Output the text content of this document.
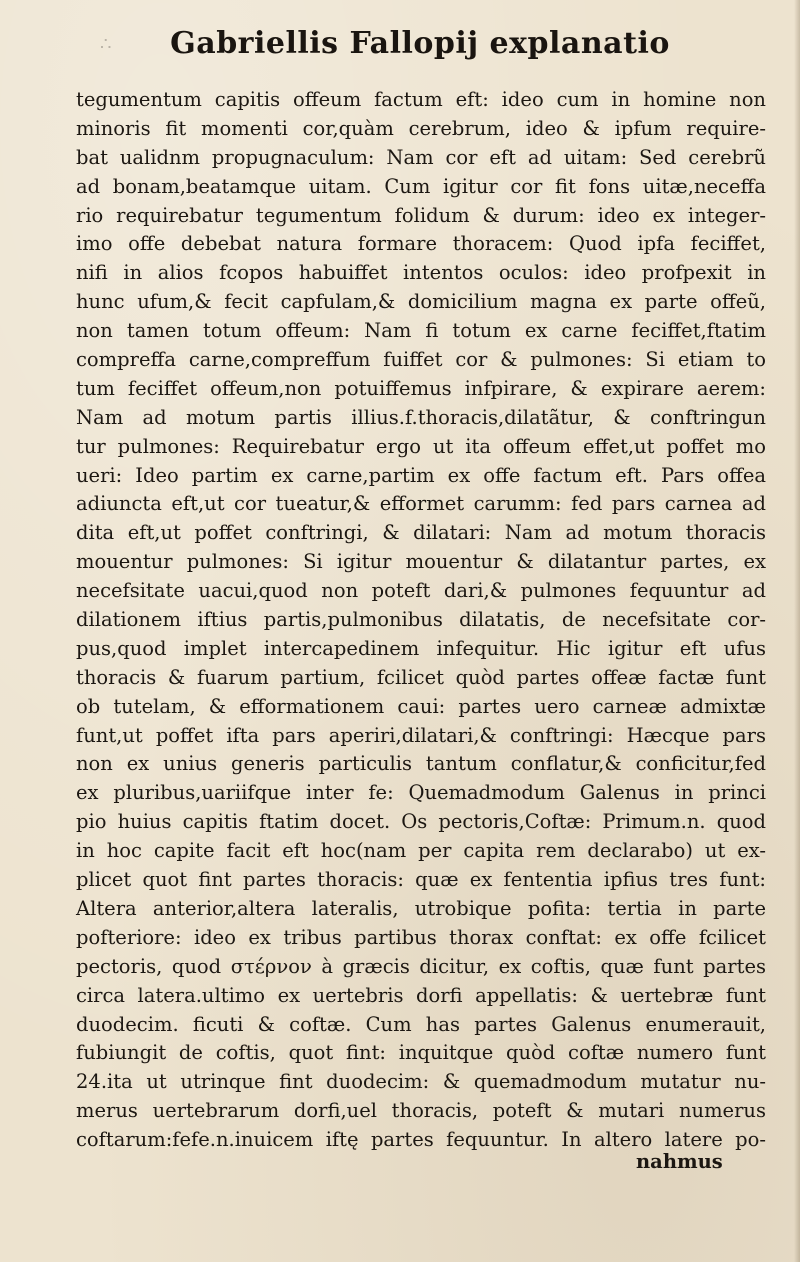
∴	Gabriellis Fallopij explanatio
tegumentum capitis offeum factum eft: ideo cum in homine non
minoris fit momenti cor,quàm cerebrum, ideo & ipfum require-
bat ualidnm propugnaculum: Nam cor eft ad uitam: Sed cerebrũ
ad bonam,beatamque uitam. Cum igitur cor fit fons uitæ,neceffa
rio requirebatur tegumentum folidum & durum: ideo ex integer-
imo offe debebat natura formare thoracem: Quod ipfa feciffet,
nifi in alios fcopos habuiffet intentos oculos: ideo profpexit in
hunc ufum,& fecit capfulam,& domicilium magna ex parte offeũ,
non tamen totum offeum: Nam fi totum ex carne feciffet,ftatim
compreffa carne,compreffum fuiffet cor & pulmones: Si etiam to
tum feciffet offeum,non potuiffemus infpirare, & expirare aerem:
Nam ad motum partis illius.f.thoracis,dilatãtur, & conftringun
tur pulmones: Requirebatur ergo ut ita offeum effet,ut poffet mo
ueri: Ideo partim ex carne,partim ex offe factum eft. Pars offea
adiuncta eft,ut cor tueatur,& efformet carumm: fed pars carnea ad
dita eft,ut poffet conftringi, & dilatari: Nam ad motum thoracis
mouentur pulmones: Si igitur mouentur & dilatantur partes, ex
necefsitate uacui,quod non poteft dari,& pulmones fequuntur ad
dilationem iftius partis,pulmonibus dilatatis, de necefsitate cor-
pus,quod implet intercapedinem infequitur. Hic igitur eft ufus
thoracis & fuarum partium, fcilicet quòd partes offeæ factæ funt
ob tutelam, & efformationem caui: partes uero carneæ admixtæ
funt,ut poffet ifta pars aperiri,dilatari,& conftringi: Hæcque pars
non ex unius generis particulis tantum conflatur,& conficitur,fed
ex pluribus,uariifque inter fe: Quemadmodum Galenus in princi
pio huius capitis ftatim docet. Os pectoris,Coftæ: Primum.n. quod
in hoc capite facit eft hoc(nam per capita rem declarabo) ut ex-
plicet quot fint partes thoracis: quæ ex fententia ipfius tres funt:
Altera anterior,altera lateralis, utrobique pofita: tertia in parte
pofteriore: ideo ex tribus partibus thorax conftat: ex offe fcilicet
pectoris, quod στέρνον à græcis dicitur, ex coftis, quæ funt partes
circa latera.ultimo ex uertebris dorfi appellatis: & uertebræ funt
duodecim. ficuti & coftæ. Cum has partes Galenus enumerauit,
fubiungit de coftis, quot fint: inquitque quòd coftæ numero funt
24.ita ut utrinque fint duodecim: & quemadmodum mutatur nu-
merus uertebrarum dorfi,uel thoracis, poteft & mutari numerus
coftarum:fefe.n.inuicem iftę partes fequuntur. In altero latere po-
nahmus
